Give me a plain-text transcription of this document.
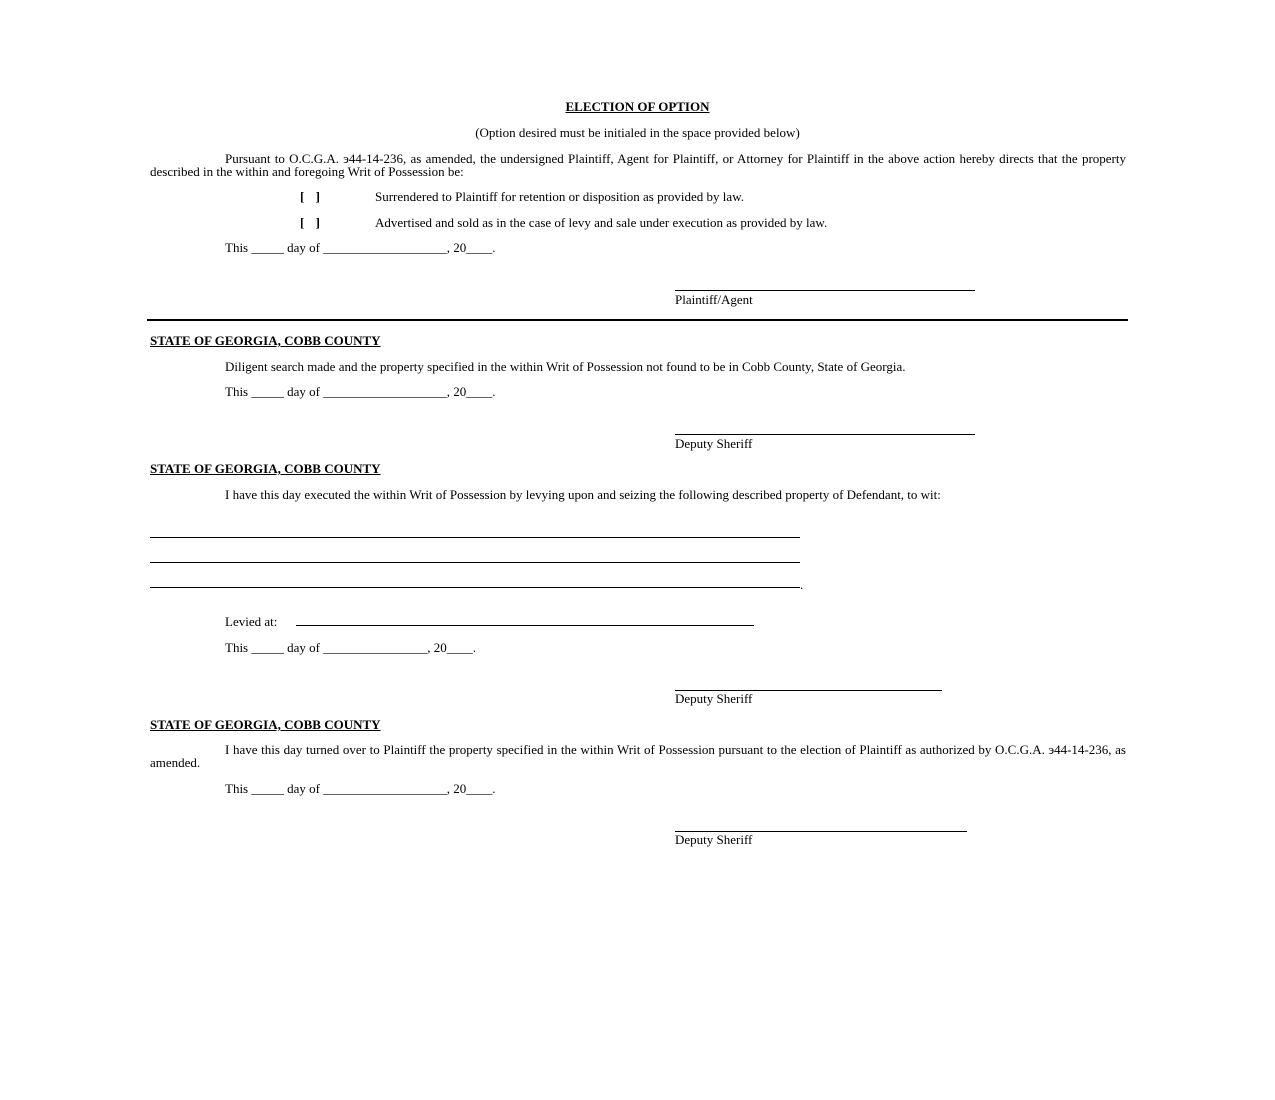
ELECTION OF OPTION
(Option desired must be initialed in the space provided below)
Pursuant to O.C.G.A. э44-14-236, as amended, the undersigned Plaintiff, Agent for Plaintiff, or Attorney for Plaintiff in the above action hereby directs that the property described in the within and foregoing Writ of Possession be:
[ ]	Surrendered to Plaintiff for retention or disposition as provided by law.
[ ]	Advertised and sold as in the case of levy and sale under execution as provided by law.
This _____ day of ___________________, 20____.
Plaintiff/Agent
STATE OF GEORGIA, COBB COUNTY
Diligent search made and the property specified in the within Writ of Possession not found to be in Cobb County, State of Georgia.
This _____ day of ___________________, 20____.
Deputy Sheriff
STATE OF GEORGIA, COBB COUNTY
I have this day executed the within Writ of Possession by levying upon and seizing the following described property of Defendant, to wit:
.
Levied at:
This _____ day of ________________, 20____.
Deputy Sheriff
STATE OF GEORGIA, COBB COUNTY
I have this day turned over to Plaintiff the property specified in the within Writ of Possession pursuant to the election of Plaintiff as authorized by O.C.G.A. э44-14-236, as amended.
This _____ day of ___________________, 20____.
Deputy Sheriff
